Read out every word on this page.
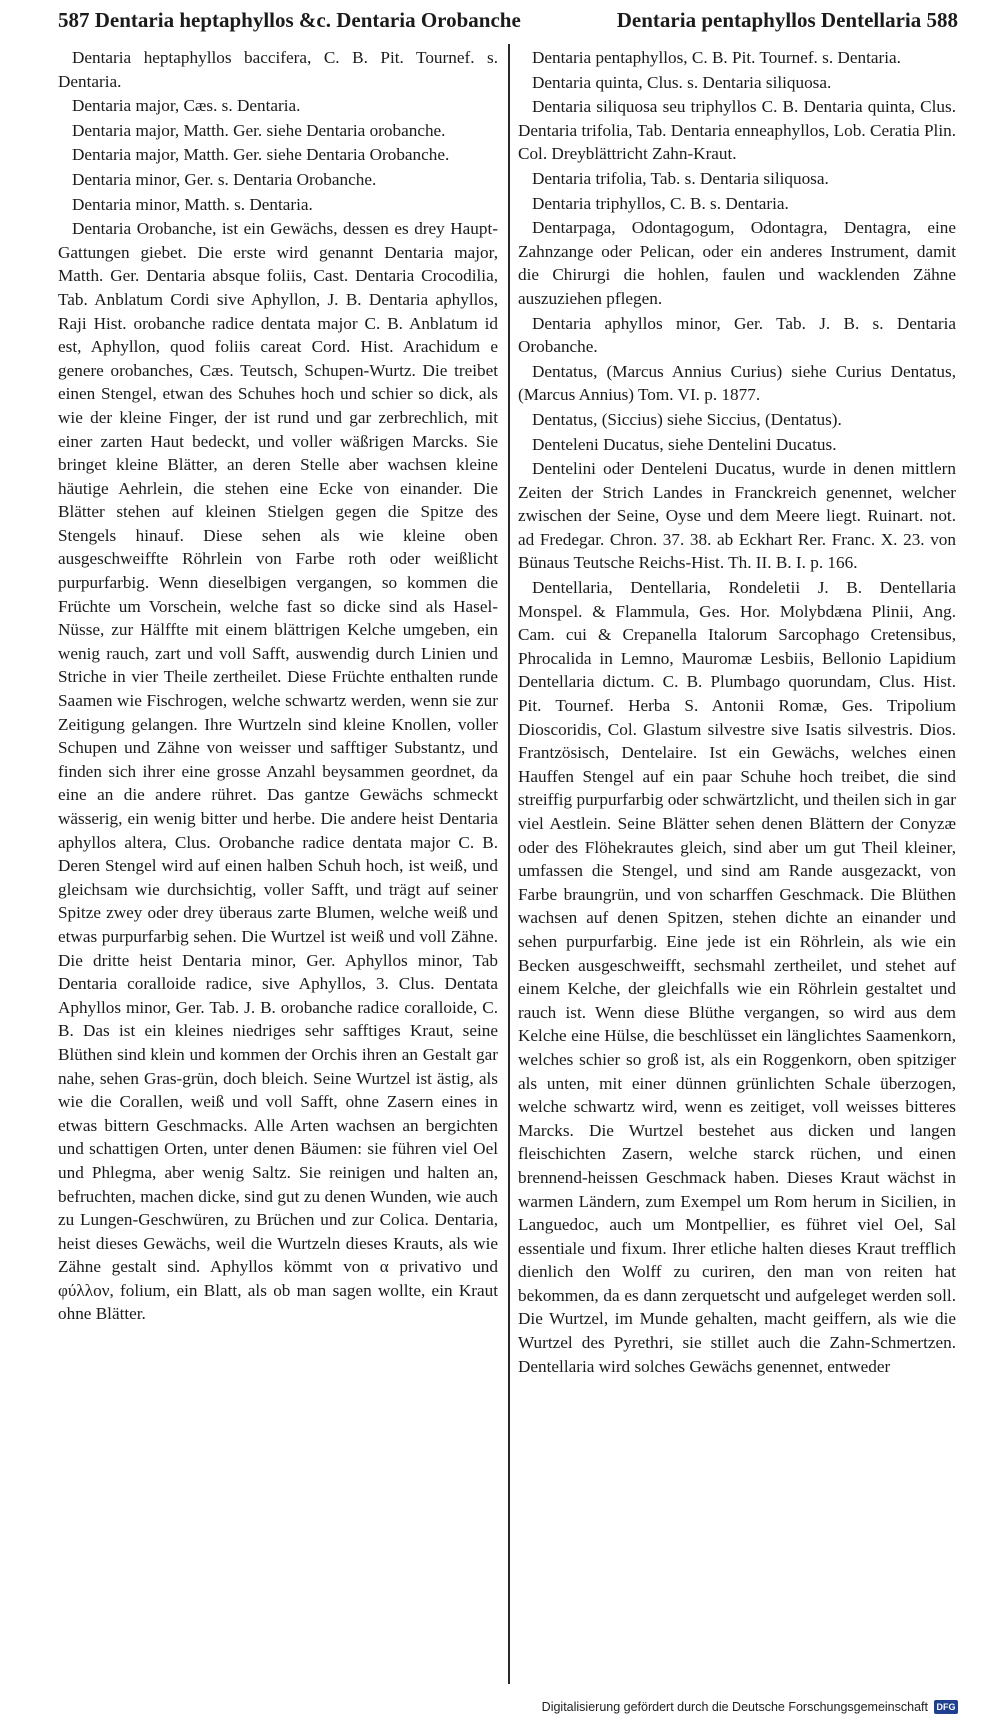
587 Dentaria heptaphyllos &c. Dentaria Orobanche	Dentaria pentaphyllos Dentellaria 588

Dentaria heptaphyllos baccifera, C. B. Pit. Tournef. s. Dentaria.

Dentaria major, Cæs. s. Dentaria.

Dentaria major, Matth. Ger. siehe Dentaria orobanche.

Dentaria major, Matth. Ger. siehe Dentaria Orobanche.

Dentaria minor, Ger. s. Dentaria Orobanche.

Dentaria minor, Matth. s. Dentaria.

Dentaria Orobanche, ist ein Gewächs, dessen es drey Haupt-Gattungen giebet. Die erste wird genannt Dentaria major, Matth. Ger. Dentaria absque foliis, Cast. Dentaria Crocodilia, Tab. Anblatum Cordi sive Aphyllon, J. B. Dentaria aphyllos, Raji Hist. orobanche radice dentata major C. B. Anblatum id est, Aphyllon, quod foliis careat Cord. Hist. Arachidum e genere orobanches, Cæs. Teutsch, Schupen-Wurtz. Die treibet einen Stengel, etwan des Schuhes hoch und schier so dick, als wie der kleine Finger, der ist rund und gar zerbrechlich, mit einer zarten Haut bedeckt, und voller wäßrigen Marcks. Sie bringet kleine Blätter, an deren Stelle aber wachsen kleine häutige Aehrlein, die stehen eine Ecke von einander. Die Blätter stehen auf kleinen Stielgen gegen die Spitze des Stengels hinauf. Diese sehen als wie kleine oben ausgeschweiffte Röhrlein von Farbe roth oder weißlicht purpurfarbig. Wenn dieselbigen vergangen, so kommen die Früchte um Vorschein, welche fast so dicke sind als Hasel-Nüsse, zur Hälffte mit einem blättrigen Kelche umgeben, ein wenig rauch, zart und voll Safft, auswendig durch Linien und Striche in vier Theile zertheilet. Diese Früchte enthalten runde Saamen wie Fischrogen, welche schwartz werden, wenn sie zur Zeitigung gelangen. Ihre Wurtzeln sind kleine Knollen, voller Schupen und Zähne von weisser und safftiger Substantz, und finden sich ihrer eine grosse Anzahl beysammen geordnet, da eine an die andere rühret. Das gantze Gewächs schmeckt wässerig, ein wenig bitter und herbe. Die andere heist Dentaria aphyllos altera, Clus. Orobanche radice dentata major C. B. Deren Stengel wird auf einen halben Schuh hoch, ist weiß, und gleichsam wie durchsichtig, voller Safft, und trägt auf seiner Spitze zwey oder drey überaus zarte Blumen, welche weiß und etwas purpurfarbig sehen. Die Wurtzel ist weiß und voll Zähne. Die dritte heist Dentaria minor, Ger. Aphyllos minor, Tab Dentaria coralloide radice, sive Aphyllos, 3. Clus. Dentata Aphyllos minor, Ger. Tab. J. B. orobanche radice coralloide, C. B. Das ist ein kleines niedriges sehr safftiges Kraut, seine Blüthen sind klein und kommen der Orchis ihren an Gestalt gar nahe, sehen Gras-grün, doch bleich. Seine Wurtzel ist ästig, als wie die Corallen, weiß und voll Safft, ohne Zasern eines in etwas bittern Geschmacks. Alle Arten wachsen an bergichten und schattigen Orten, unter denen Bäumen: sie führen viel Oel und Phlegma, aber wenig Saltz. Sie reinigen und halten an, befruchten, machen dicke, sind gut zu denen Wunden, wie auch zu Lungen-Geschwüren, zu Brüchen und zur Colica. Dentaria, heist dieses Gewächs, weil die Wurtzeln dieses Krauts, als wie Zähne gestalt sind. Aphyllos kömmt von α privativo und φύλλον, folium, ein Blatt, als ob man sagen wollte, ein Kraut ohne Blätter.

Dentaria pentaphyllos, C. B. Pit. Tournef. s. Dentaria.

Dentaria quinta, Clus. s. Dentaria siliquosa.

Dentaria siliquosa seu triphyllos C. B. Dentaria quinta, Clus. Dentaria trifolia, Tab. Dentaria enneaphyllos, Lob. Ceratia Plin. Col. Dreyblättricht Zahn-Kraut.

Dentaria trifolia, Tab. s. Dentaria siliquosa.

Dentaria triphyllos, C. B. s. Dentaria.

Dentarpaga, Odontagogum, Odontagra, Dentagra, eine Zahnzange oder Pelican, oder ein anderes Instrument, damit die Chirurgi die hohlen, faulen und wacklenden Zähne auszuziehen pflegen.

Dentaria aphyllos minor, Ger. Tab. J. B. s. Dentaria Orobanche.

Dentatus, (Marcus Annius Curius) siehe Curius Dentatus, (Marcus Annius) Tom. VI. p. 1877.

Dentatus, (Siccius) siehe Siccius, (Dentatus).

Denteleni Ducatus, siehe Dentelini Ducatus.

Dentelini oder Denteleni Ducatus, wurde in denen mittlern Zeiten der Strich Landes in Franckreich genennet, welcher zwischen der Seine, Oyse und dem Meere liegt. Ruinart. not. ad Fredegar. Chron. 37. 38. ab Eckhart Rer. Franc. X. 23. von Bünaus Teutsche Reichs-Hist. Th. II. B. I. p. 166.

Dentellaria, Dentellaria, Rondeletii J. B. Dentellaria Monspel. & Flammula, Ges. Hor. Molybdæna Plinii, Ang. Cam. cui & Crepanella Italorum Sarcophago Cretensibus, Phrocalida in Lemno, Mauromæ Lesbiis, Bellonio Lapidium Dentellaria dictum. C. B. Plumbago quorundam, Clus. Hist. Pit. Tournef. Herba S. Antonii Romæ, Ges. Tripolium Dioscoridis, Col. Glastum silvestre sive Isatis silvestris. Dios. Frantzösisch, Dentelaire. Ist ein Gewächs, welches einen Hauffen Stengel auf ein paar Schuhe hoch treibet, die sind streiffig purpurfarbig oder schwärtzlicht, und theilen sich in gar viel Aestlein. Seine Blätter sehen denen Blättern der Conyzæ oder des Flöhekrautes gleich, sind aber um gut Theil kleiner, umfassen die Stengel, und sind am Rande ausgezackt, von Farbe braungrün, und von scharffen Geschmack. Die Blüthen wachsen auf denen Spitzen, stehen dichte an einander und sehen purpurfarbig. Eine jede ist ein Röhrlein, als wie ein Becken ausgeschweifft, sechsmahl zertheilet, und stehet auf einem Kelche, der gleichfalls wie ein Röhrlein gestaltet und rauch ist. Wenn diese Blüthe vergangen, so wird aus dem Kelche eine Hülse, die beschlüsset ein länglichtes Saamenkorn, welches schier so groß ist, als ein Roggenkorn, oben spitziger als unten, mit einer dünnen grünlichten Schale überzogen, welche schwartz wird, wenn es zeitiget, voll weisses bitteres Marcks. Die Wurtzel bestehet aus dicken und langen fleischichten Zasern, welche starck rüchen, und einen brennend-heissen Geschmack haben. Dieses Kraut wächst in warmen Ländern, zum Exempel um Rom herum in Sicilien, in Languedoc, auch um Montpellier, es führet viel Oel, Sal essentiale und fixum. Ihrer etliche halten dieses Kraut trefflich dienlich den Wolff zu curiren, den man von reiten hat bekommen, da es dann zerquetscht und aufgeleget werden soll. Die Wurtzel, im Munde gehalten, macht geiffern, als wie die Wurtzel des Pyrethri, sie stillet auch die Zahn-Schmertzen. Dentellaria wird solches Gewächs genennet, entweder

Digitalisierung gefördert durch die Deutsche Forschungsgemeinschaft DFG
